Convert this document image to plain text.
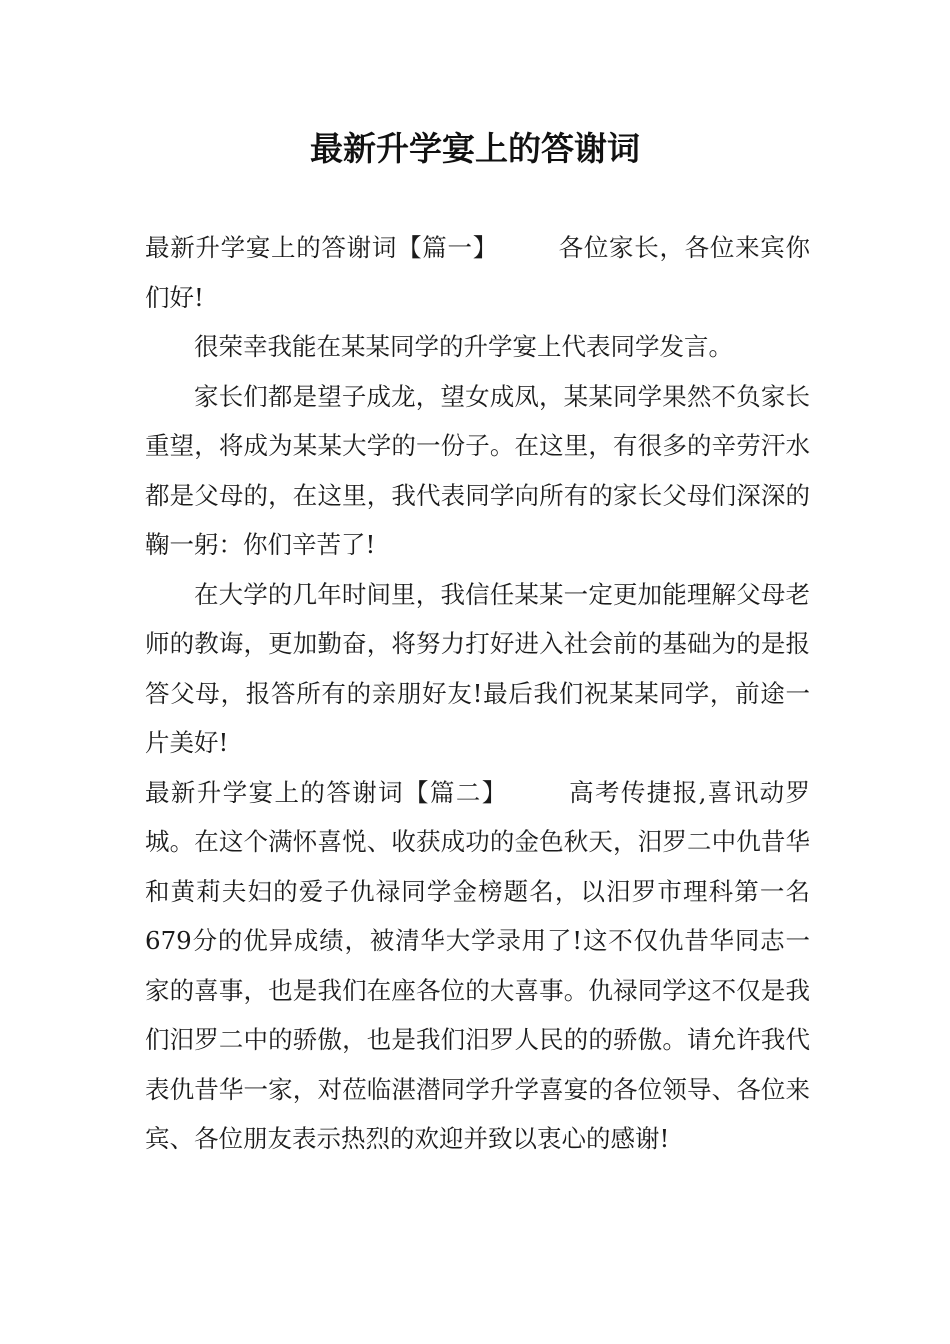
最新升学宴上的答谢词

最新升学宴上的答谢词【篇一】 各位家长，各位来宾你们好!

很荣幸我能在某某同学的升学宴上代表同学发言。

家长们都是望子成龙，望女成凤，某某同学果然不负家长重望，将成为某某大学的一份子。在这里，有很多的辛劳汗水都是父母的，在这里，我代表同学向所有的家长父母们深深的鞠一躬：你们辛苦了!

在大学的几年时间里，我信任某某一定更加能理解父母老师的教诲，更加勤奋，将努力打好进入社会前的基础为的是报答父母，报答所有的亲朋好友!最后我们祝某某同学，前途一片美好!

最新升学宴上的答谢词【篇二】 高考传捷报,喜讯动罗城。在这个满怀喜悦、收获成功的金色秋天，汨罗二中仇昔华和黄莉夫妇的爱子仇禄同学金榜题名，以汨罗市理科第一名679分的优异成绩，被清华大学录用了!这不仅仇昔华同志一家的喜事，也是我们在座各位的大喜事。仇禄同学这不仅是我们汨罗二中的骄傲，也是我们汨罗人民的的骄傲。请允许我代表仇昔华一家，对莅临湛潜同学升学喜宴的各位领导、各位来宾、各位朋友表示热烈的欢迎并致以衷心的感谢!
